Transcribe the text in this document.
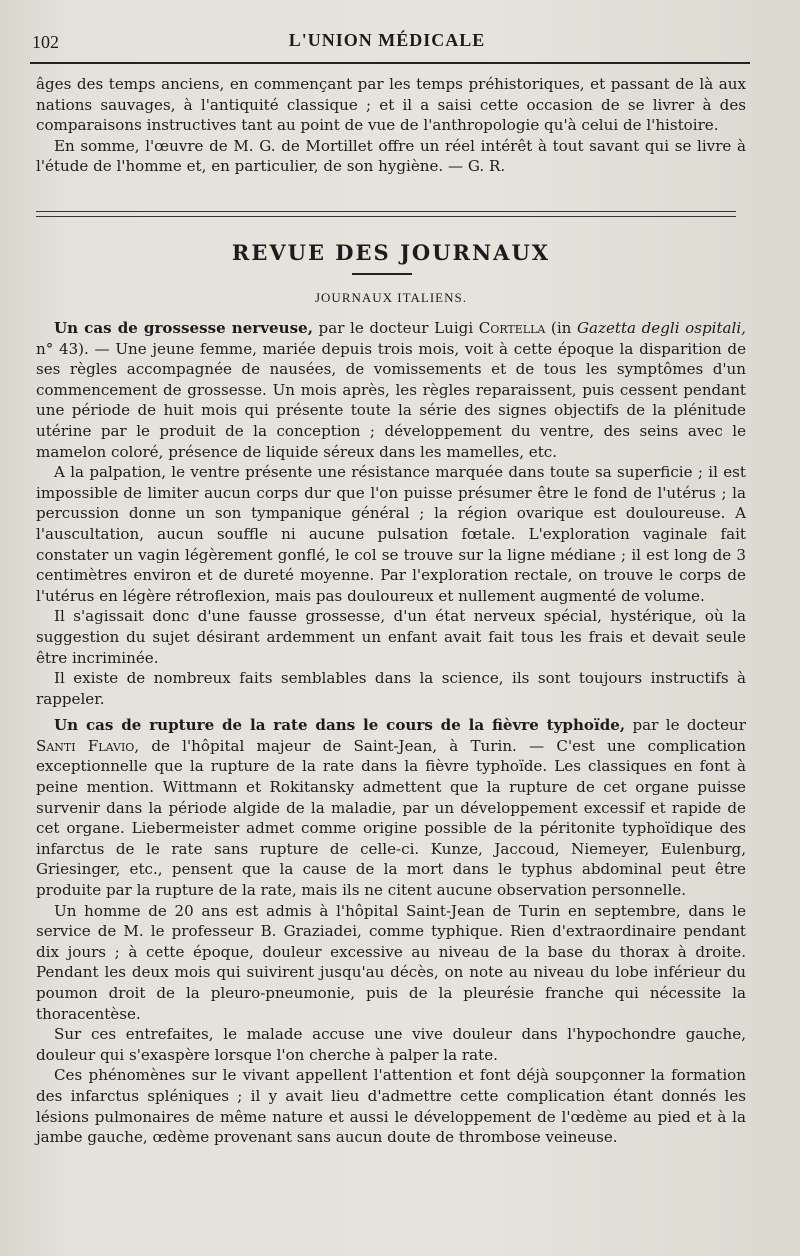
102	L'UNION MÉDICALE

âges des temps anciens, en commençant par les temps préhistoriques, et passant de là aux nations sauvages, à l'antiquité classique ; et il a saisi cette occasion de se livrer à des comparaisons instructives tant au point de vue de l'anthropologie qu'à celui de l'histoire.

En somme, l'œuvre de M. G. de Mortillet offre un réel intérêt à tout savant qui se livre à l'étude de l'homme et, en particulier, de son hygiène. — G. R.

REVUE DES JOURNAUX
JOURNAUX ITALIENS.

Un cas de grossesse nerveuse, par le docteur Luigi Cortella (in Gazetta degli ospitali, n° 43). — Une jeune femme, mariée depuis trois mois, voit à cette époque la disparition de ses règles accompagnée de nausées, de vomissements et de tous les symptômes d'un commencement de grossesse. Un mois après, les règles reparaissent, puis cessent pendant une période de huit mois qui présente toute la série des signes objectifs de la plénitude utérine par le produit de la conception ; développement du ventre, des seins avec le mamelon coloré, présence de liquide séreux dans les mamelles, etc.

A la palpation, le ventre présente une résistance marquée dans toute sa superficie ; il est impossible de limiter aucun corps dur que l'on puisse présumer être le fond de l'utérus ; la percussion donne un son tympanique général ; la région ovarique est douloureuse. A l'auscultation, aucun souffle ni aucune pulsation fœtale. L'exploration vaginale fait constater un vagin légèrement gonflé, le col se trouve sur la ligne médiane ; il est long de 3 centimètres environ et de dureté moyenne. Par l'exploration rectale, on trouve le corps de l'utérus en légère rétroflexion, mais pas douloureux et nullement augmenté de volume.

Il s'agissait donc d'une fausse grossesse, d'un état nerveux spécial, hystérique, où la suggestion du sujet désirant ardemment un enfant avait fait tous les frais et devait seule être incriminée.

Il existe de nombreux faits semblables dans la science, ils sont toujours instructifs à rappeler.

Un cas de rupture de la rate dans le cours de la fièvre typhoïde, par le docteur Santi Flavio, de l'hôpital majeur de Saint-Jean, à Turin. — C'est une complication exceptionnelle que la rupture de la rate dans la fièvre typhoïde. Les classiques en font à peine mention. Wittmann et Rokitansky admettent que la rupture de cet organe puisse survenir dans la période algide de la maladie, par un développement excessif et rapide de cet organe. Liebermeister admet comme origine possible de la péritonite typhoïdique des infarctus de le rate sans rupture de celle-ci. Kunze, Jaccoud, Niemeyer, Eulenburg, Griesinger, etc., pensent que la cause de la mort dans le typhus abdominal peut être produite par la rupture de la rate, mais ils ne citent aucune observation personnelle.

Un homme de 20 ans est admis à l'hôpital Saint-Jean de Turin en septembre, dans le service de M. le professeur B. Graziadei, comme typhique. Rien d'extraordinaire pendant dix jours ; à cette époque, douleur excessive au niveau de la base du thorax à droite. Pendant les deux mois qui suivirent jusqu'au décès, on note au niveau du lobe inférieur du poumon droit de la pleuro-pneumonie, puis de la pleurésie franche qui nécessite la thoracentèse.

Sur ces entrefaites, le malade accuse une vive douleur dans l'hypochondre gauche, douleur qui s'exaspère lorsque l'on cherche à palper la rate.

Ces phénomènes sur le vivant appellent l'attention et font déjà soupçonner la formation des infarctus spléniques ; il y avait lieu d'admettre cette complication étant donnés les lésions pulmonaires de même nature et aussi le développement de l'œdème au pied et à la jambe gauche, œdème provenant sans aucun doute de thrombose veineuse.
